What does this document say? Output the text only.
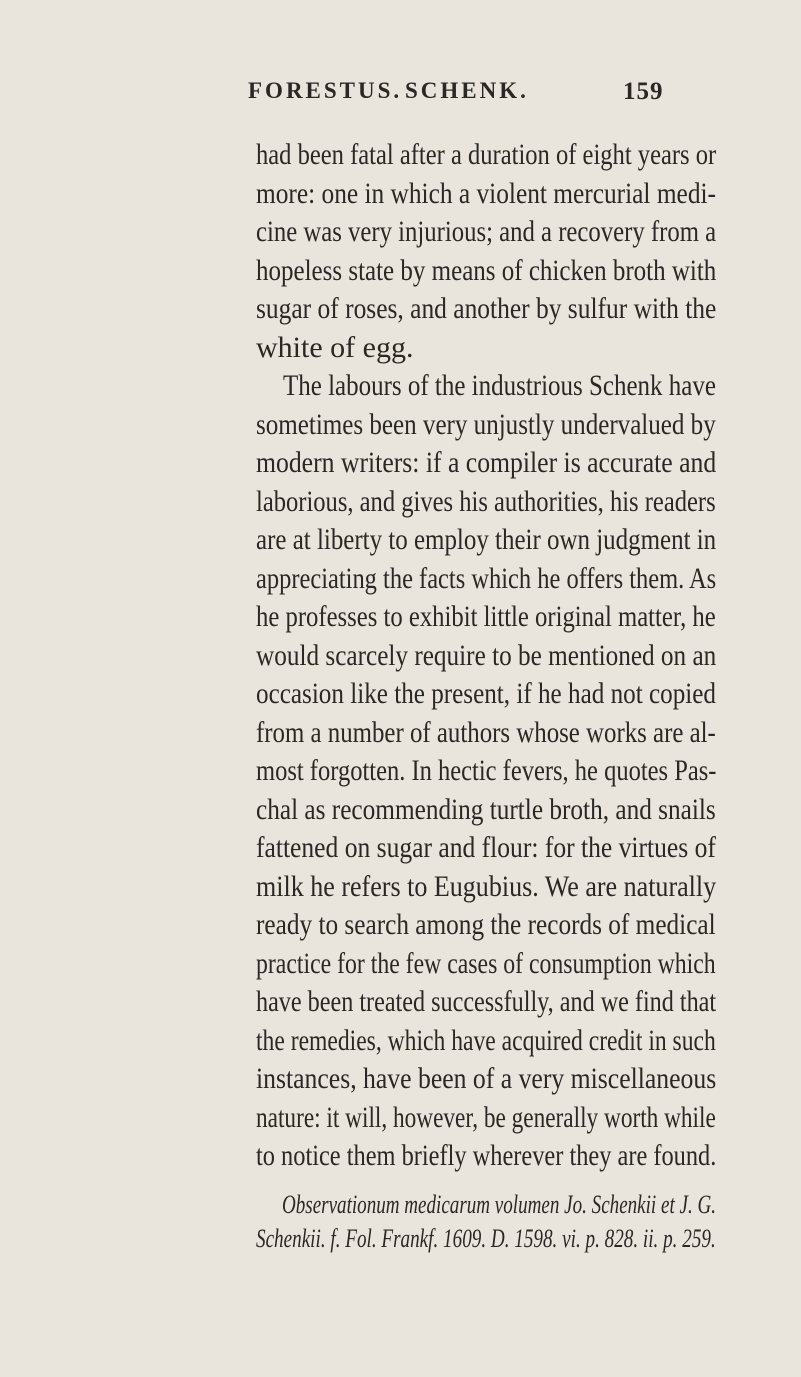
FORESTUS. SCHENK.	159
had been fatal after a duration of eight years or
more: one in which a violent mercurial medi-
cine was very injurious; and a recovery from a
hopeless state by means of chicken broth with
sugar of roses, and another by sulfur with the
white of egg.
The labours of the industrious Schenk have
sometimes been very unjustly undervalued by
modern writers: if a compiler is accurate and
laborious, and gives his authorities, his readers
are at liberty to employ their own judgment in
appreciating the facts which he offers them. As
he professes to exhibit little original matter, he
would scarcely require to be mentioned on an
occasion like the present, if he had not copied
from a number of authors whose works are al-
most forgotten. In hectic fevers, he quotes Pas-
chal as recommending turtle broth, and snails
fattened on sugar and flour: for the virtues of
milk he refers to Eugubius. We are naturally
ready to search among the records of medical
practice for the few cases of consumption which
have been treated successfully, and we find that
the remedies, which have acquired credit in such
instances, have been of a very miscellaneous
nature: it will, however, be generally worth while
to notice them briefly wherever they are found.
Observationum medicarum volumen Jo. Schenkii et J. G.
Schenkii. f. Fol. Frankf. 1609. D. 1598. vi. p. 828. ii. p. 259.
